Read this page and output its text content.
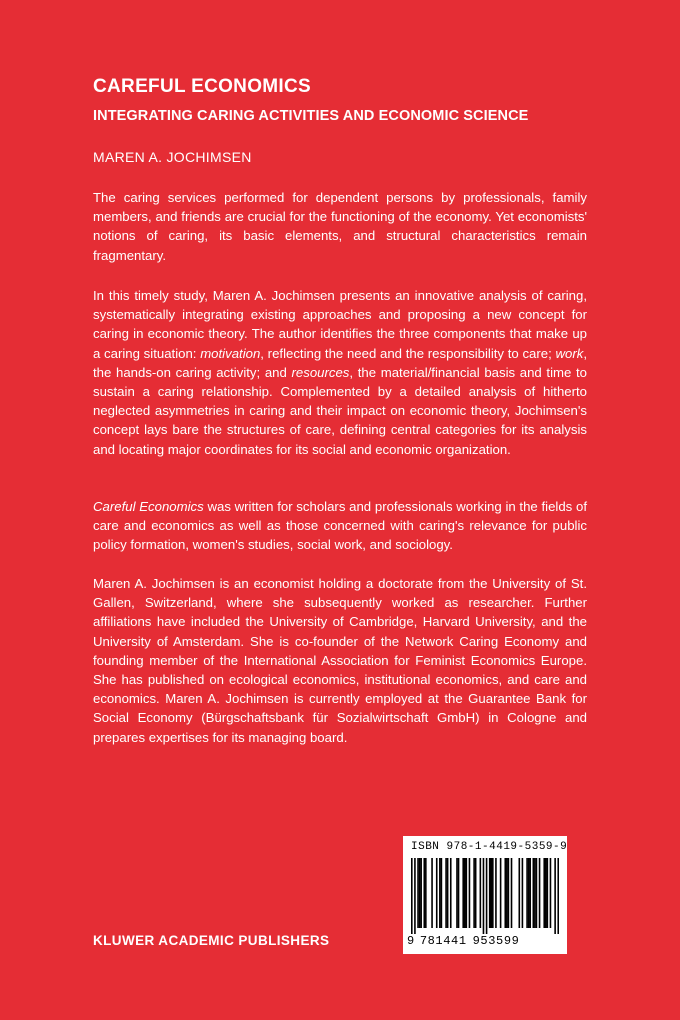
CAREFUL ECONOMICS
INTEGRATING CARING ACTIVITIES AND ECONOMIC SCIENCE

MAREN A. JOCHIMSEN

The caring services performed for dependent persons by professionals, family members, and friends are crucial for the functioning of the economy. Yet economists' notions of caring, its basic elements, and structural characteristics remain fragmentary.

In this timely study, Maren A. Jochimsen presents an innovative analysis of caring, systematically integrating existing approaches and proposing a new concept for caring in economic theory. The author identifies the three components that make up a caring situation: motivation, reflecting the need and the responsibility to care; work, the hands-on caring activity; and resources, the material/financial basis and time to sustain a caring relationship. Complemented by a detailed analysis of hitherto neglected asymmetries in caring and their impact on economic theory, Jochimsen's concept lays bare the structures of care, defining central categories for its analysis and locating major coordinates for its social and economic organization.

Careful Economics was written for scholars and professionals working in the fields of care and economics as well as those concerned with caring's relevance for public policy formation, women's studies, social work, and sociology.

Maren A. Jochimsen is an economist holding a doctorate from the University of St. Gallen, Switzerland, where she subsequently worked as researcher. Further affiliations have included the University of Cambridge, Harvard University, and the University of Amsterdam. She is co-founder of the Network Caring Economy and founding member of the International Association for Feminist Economics Europe. She has published on ecological economics, institutional economics, and care and economics. Maren A. Jochimsen is currently employed at the Guarantee Bank for Social Economy (Bürgschaftsbank für Sozialwirtschaft GmbH) in Cologne and prepares expertises for its managing board.

KLUWER ACADEMIC PUBLISHERS

ISBN 978-1-4419-5359-9
9 781441 953599
